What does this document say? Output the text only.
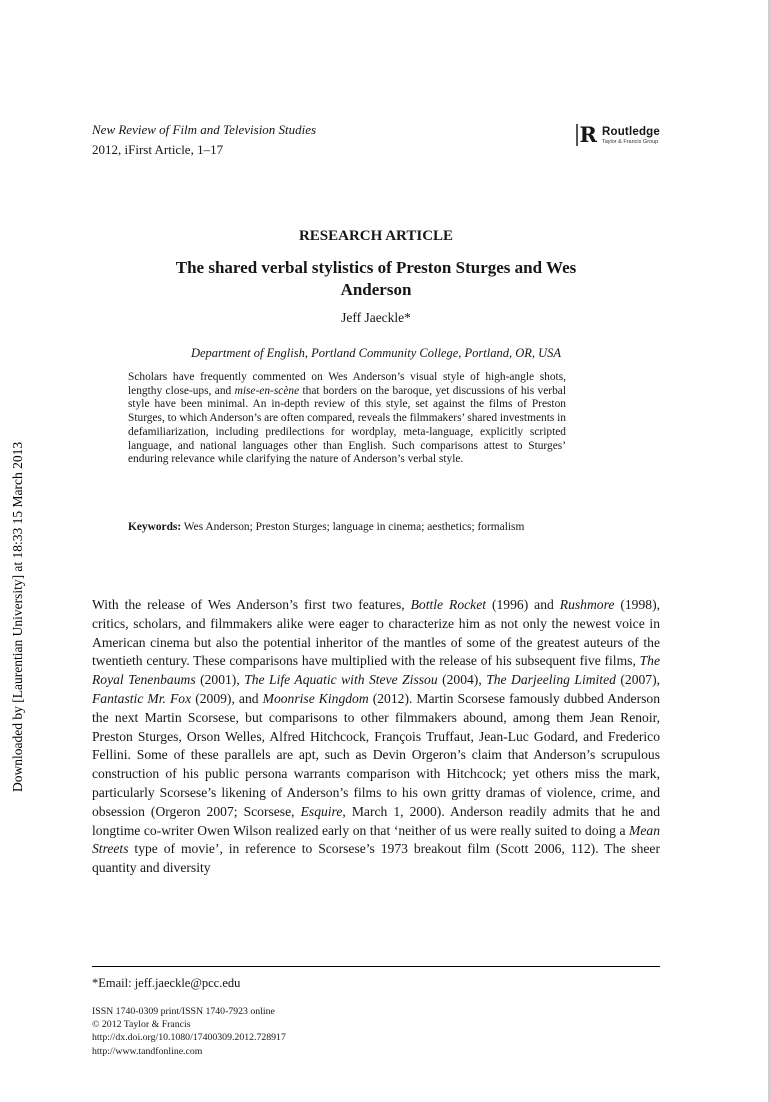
Downloaded by [Laurentian University] at 18:33 15 March 2013
New Review of Film and Television Studies
2012, iFirst Article, 1–17
R Routledge
Taylor & Francis Group
RESEARCH ARTICLE
The shared verbal stylistics of Preston Sturges and Wes Anderson
Jeff Jaeckle*
Department of English, Portland Community College, Portland, OR, USA
Scholars have frequently commented on Wes Anderson’s visual style of high-angle shots, lengthy close-ups, and mise-en-scène that borders on the baroque, yet discussions of his verbal style have been minimal. An in-depth review of this style, set against the films of Preston Sturges, to which Anderson’s are often compared, reveals the filmmakers’ shared investments in defamiliarization, including predilections for wordplay, meta-language, explicitly scripted language, and national languages other than English. Such comparisons attest to Sturges’ enduring relevance while clarifying the nature of Anderson’s verbal style.
Keywords: Wes Anderson; Preston Sturges; language in cinema; aesthetics; formalism
With the release of Wes Anderson’s first two features, Bottle Rocket (1996) and Rushmore (1998), critics, scholars, and filmmakers alike were eager to characterize him as not only the newest voice in American cinema but also the potential inheritor of the mantles of some of the greatest auteurs of the twentieth century. These comparisons have multiplied with the release of his subsequent five films, The Royal Tenenbaums (2001), The Life Aquatic with Steve Zissou (2004), The Darjeeling Limited (2007), Fantastic Mr. Fox (2009), and Moonrise Kingdom (2012). Martin Scorsese famously dubbed Anderson the next Martin Scorsese, but comparisons to other filmmakers abound, among them Jean Renoir, Preston Sturges, Orson Welles, Alfred Hitchcock, François Truffaut, Jean-Luc Godard, and Frederico Fellini. Some of these parallels are apt, such as Devin Orgeron’s claim that Anderson’s scrupulous construction of his public persona warrants comparison with Hitchcock; yet others miss the mark, particularly Scorsese’s likening of Anderson’s films to his own gritty dramas of violence, crime, and obsession (Orgeron 2007; Scorsese, Esquire, March 1, 2000). Anderson readily admits that he and longtime co-writer Owen Wilson realized early on that ‘neither of us were really suited to doing a Mean Streets type of movie’, in reference to Scorsese’s 1973 breakout film (Scott 2006, 112). The sheer quantity and diversity
*Email: jeff.jaeckle@pcc.edu
ISSN 1740-0309 print/ISSN 1740-7923 online
© 2012 Taylor & Francis
http://dx.doi.org/10.1080/17400309.2012.728917
http://www.tandfonline.com
